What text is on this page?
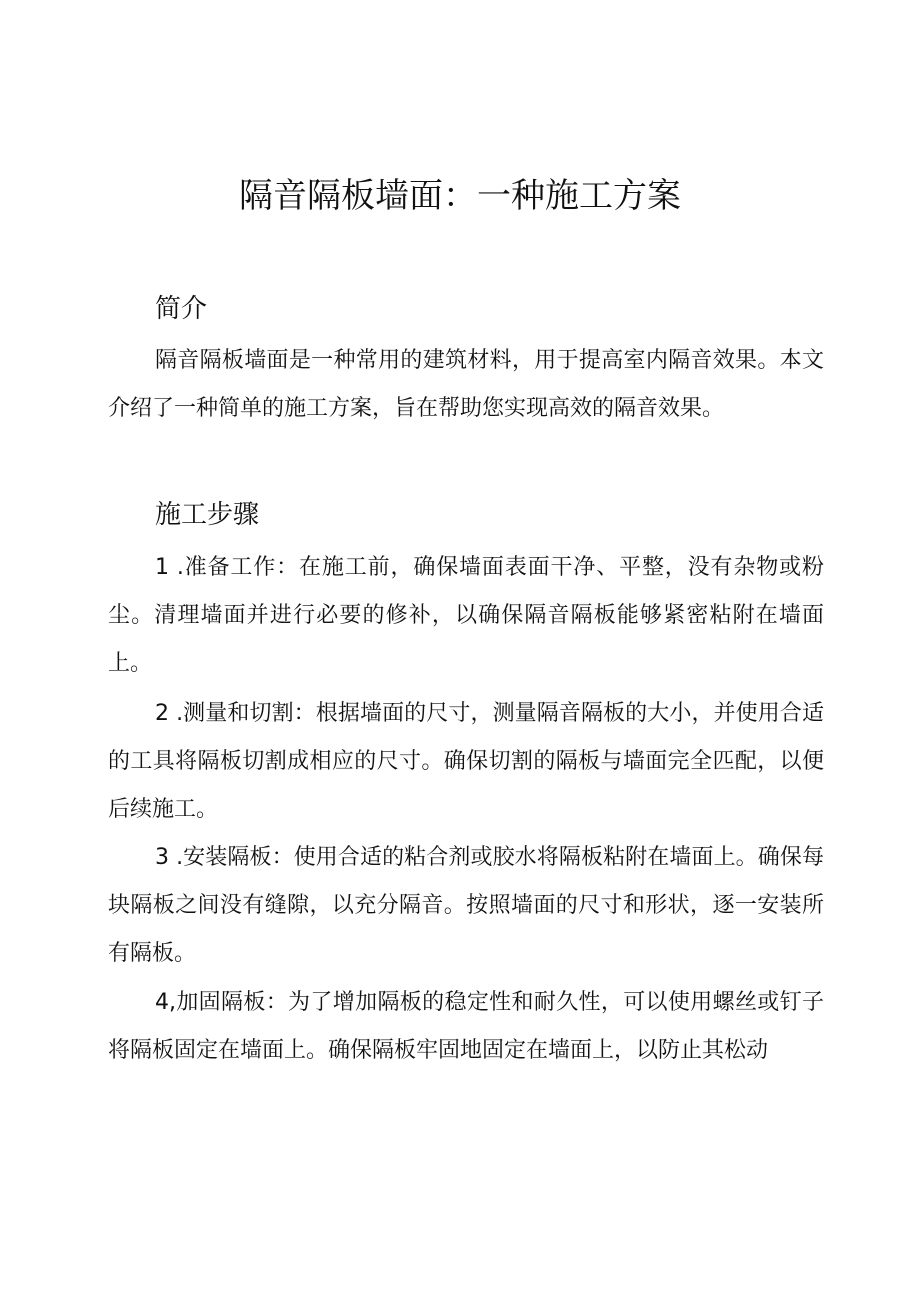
隔音隔板墙面：一种施工方案
简介
隔音隔板墙面是一种常用的建筑材料，用于提高室内隔音效果。本文介绍了一种简单的施工方案，旨在帮助您实现高效的隔音效果。
施工步骤
1 .准备工作：在施工前，确保墙面表面干净、平整，没有杂物或粉尘。清理墙面并进行必要的修补，以确保隔音隔板能够紧密粘附在墙面上。
2 .测量和切割：根据墙面的尺寸，测量隔音隔板的大小，并使用合适的工具将隔板切割成相应的尺寸。确保切割的隔板与墙面完全匹配，以便后续施工。
3 .安装隔板：使用合适的粘合剂或胶水将隔板粘附在墙面上。确保每块隔板之间没有缝隙，以充分隔音。按照墙面的尺寸和形状，逐一安装所有隔板。
4,加固隔板：为了增加隔板的稳定性和耐久性，可以使用螺丝或钉子将隔板固定在墙面上。确保隔板牢固地固定在墙面上，以防止其松动
